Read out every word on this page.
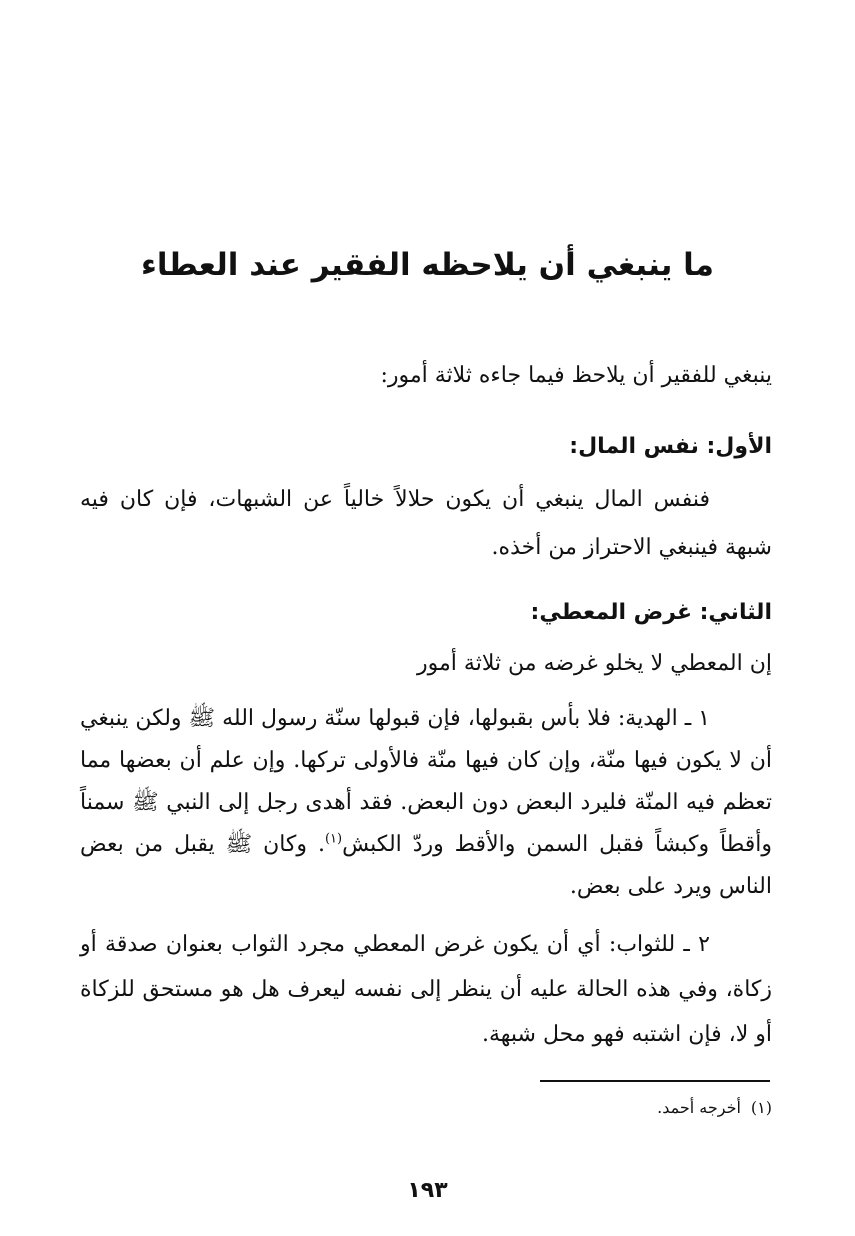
ما ينبغي أن يلاحظه الفقير عند العطاء
ينبغي للفقير أن يلاحظ فيما جاءه ثلاثة أمور:
الأول: نفس المال:
فنفس المال ينبغي أن يكون حلالاً خالياً عن الشبهات، فإن كان فيه شبهة فينبغي الاحتراز من أخذه.
الثاني: غرض المعطي:
إن المعطي لا يخلو غرضه من ثلاثة أمور
١ ـ الهدية: فلا بأس بقبولها، فإن قبولها سنّة رسول الله ﷺ ولكن ينبغي أن لا يكون فيها منّة، وإن كان فيها منّة فالأولى تركها. وإن علم أن بعضها مما تعظم فيه المنّة فليرد البعض دون البعض. فقد أهدى رجل إلى النبي ﷺ سمناً وأقطاً وكبشاً فقبل السمن والأقط وردّ الكبش$^{(١)}$. وكان ﷺ يقبل من بعض الناس ويرد على بعض.
٢ ـ للثواب: أي أن يكون غرض المعطي مجرد الثواب بعنوان صدقة أو زكاة، وفي هذه الحالة عليه أن ينظر إلى نفسه ليعرف هل هو مستحق للزكاة أو لا، فإن اشتبه فهو محل شبهة.
(١)أخرجه أحمد.
١٩٣
